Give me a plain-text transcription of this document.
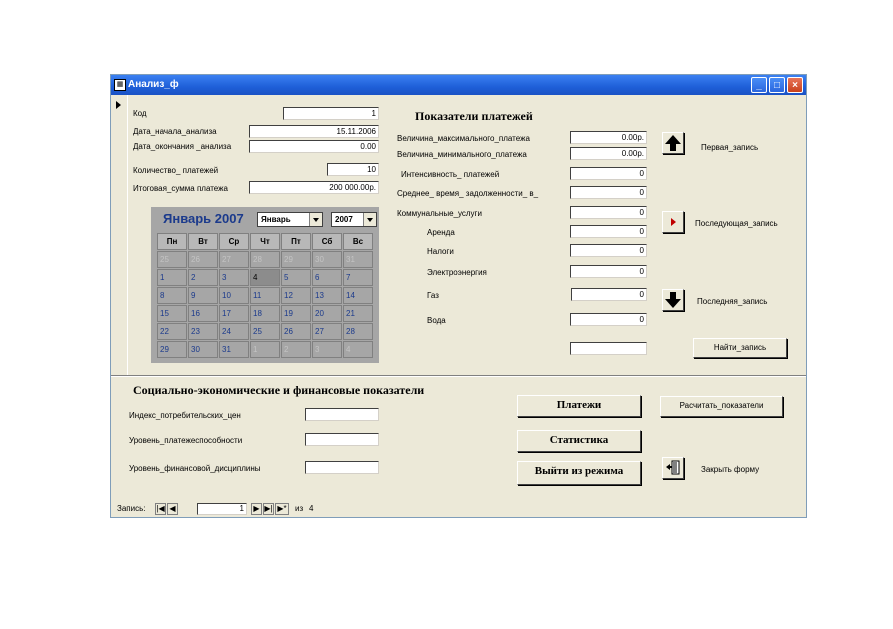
▦ Анализ_ф	_	□	×
Код	1
Дата_начала_анализа	15.11.2006
Дата_окончания _анализа	0.00
Количество_ платежей	10
Итоговая_сумма платежа	200 000.00р.
Январь 2007	Январь	2007
Пн	Вт	Ср	Чт	Пт	Сб	Вс
25	26	27	28	29	30	31
1	2	3	4	5	6	7
8	9	10	11	12	13	14
15	16	17	18	19	20	21
22	23	24	25	26	27	28
29	30	31	1	2	3	4
Показатели платежей
Величина_максимального_платежа	0.00р.
Величина_минимального_платежа	0.00р.
Интенсивность_ платежей	0
Среднее_ время_ задолженности_ в_	0
Коммунальные_услуги	0
Аренда	0
Налоги	0
Электроэнергия	0
Газ	0
Вода	0
Первая_запись
Последующая_запись
Последняя_запись
Найти_запись
Социально-экономические и финансовые показатели
Индекс_потребительских_цен
Уровень_платежеспособности
Уровень_финансовой_дисциплины
Платежи
Статистика
Выйти из режима
Расчитать_показатели
Закрыть форму
Запись: |◀ ◀	1	▶ ▶| ▶* из 4
